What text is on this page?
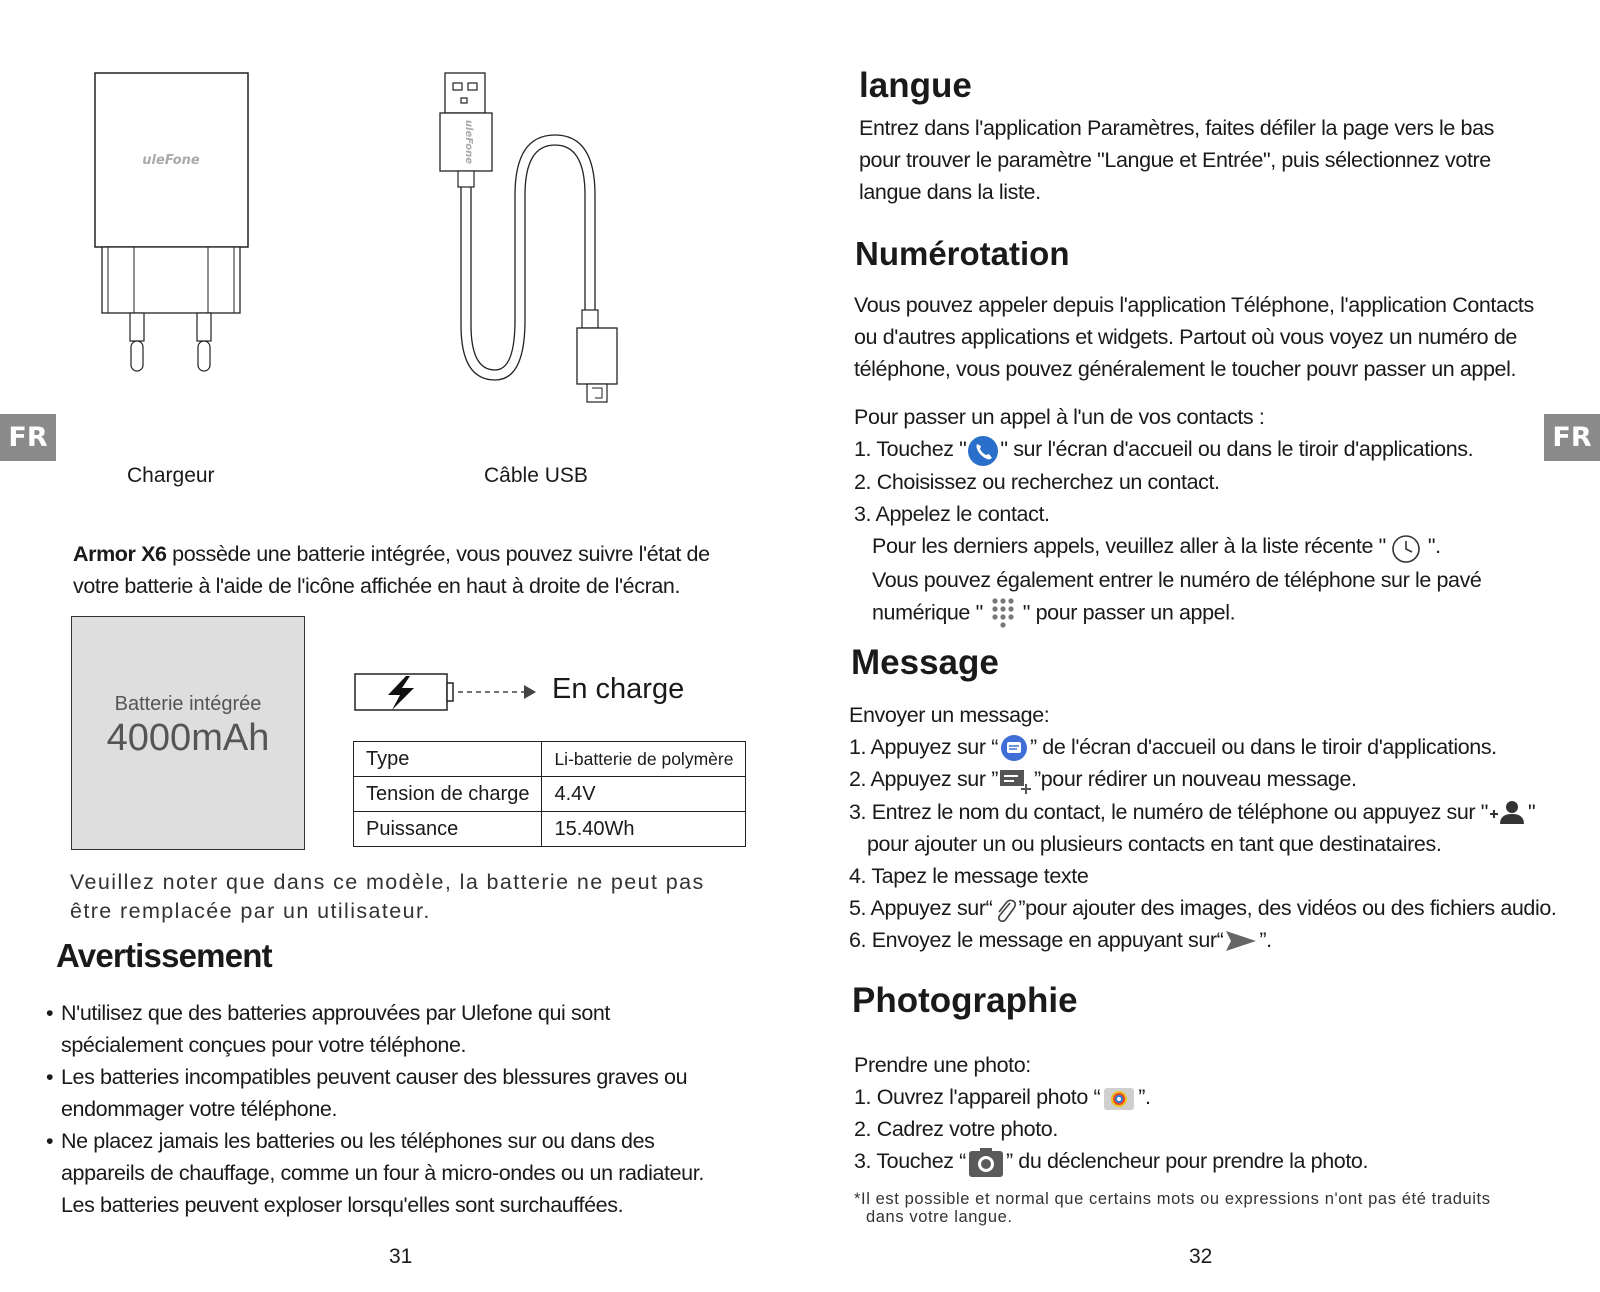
FR	FR
uleFone
Chargeur
uleFone
Câble USB
Armor X6 possède une batterie intégrée, vous pouvez suivre l'état de
votre batterie à l'aide de l'icône affichée en haut à droite de l'écran.
Batterie intégrée
4000mAh
En charge
Type	Li-batterie de polymère
Tension de charge	4.4V
Puissance	15.40Wh
Veuillez noter que dans ce modèle, la batterie ne peut pas
être remplacée par un utilisateur.
Avertissement
• N'utilisez que des batteries approuvées par Ulefone qui sont
spécialement conçues pour votre téléphone.
• Les batteries incompatibles peuvent causer des blessures graves ou
endommager votre téléphone.
• Ne placez jamais les batteries ou les téléphones sur ou dans des
appareils de chauffage, comme un four à micro-ondes ou un radiateur.
Les batteries peuvent exploser lorsqu'elles sont surchauffées.
31
langue
Entrez dans l'application Paramètres, faites défiler la page vers le bas
pour trouver le paramètre "Langue et Entrée", puis sélectionnez votre
langue dans la liste.
Numérotation
Vous pouvez appeler depuis l'application Téléphone, l'application Contacts
ou d'autres applications et widgets. Partout où vous voyez un numéro de
téléphone, vous pouvez généralement le toucher pouvr passer un appel.
Pour passer un appel à l'un de vos contacts :
1. Touchez " " sur l'écran d'accueil ou dans le tiroir d'applications.
2. Choisissez ou recherchez un contact.
3. Appelez le contact.
Pour les derniers appels, veuillez aller à la liste récente " ".
Vous pouvez également entrer le numéro de téléphone sur le pavé
numérique " " pour passer un appel.
Message
Envoyer un message:
1. Appuyez sur “ ” de l'écran d'accueil ou dans le tiroir d'applications.
2. Appuyez sur ” ”pour rédirer un nouveau message.
3. Entrez le nom du contact, le numéro de téléphone ou appuyez sur " "
pour ajouter un ou plusieurs contacts en tant que destinataires.
4. Tapez le message texte
5. Appuyez sur“ ”pour ajouter des images, des vidéos ou des fichiers audio.
6. Envoyez le message en appuyant sur“ ”.
Photographie
Prendre une photo:
1. Ouvrez l'appareil photo “ ”.
2. Cadrez votre photo.
3. Touchez “ ” du déclencheur pour prendre la photo.
*Il est possible et normal que certains mots ou expressions n'ont pas été traduits
dans votre langue.
32
